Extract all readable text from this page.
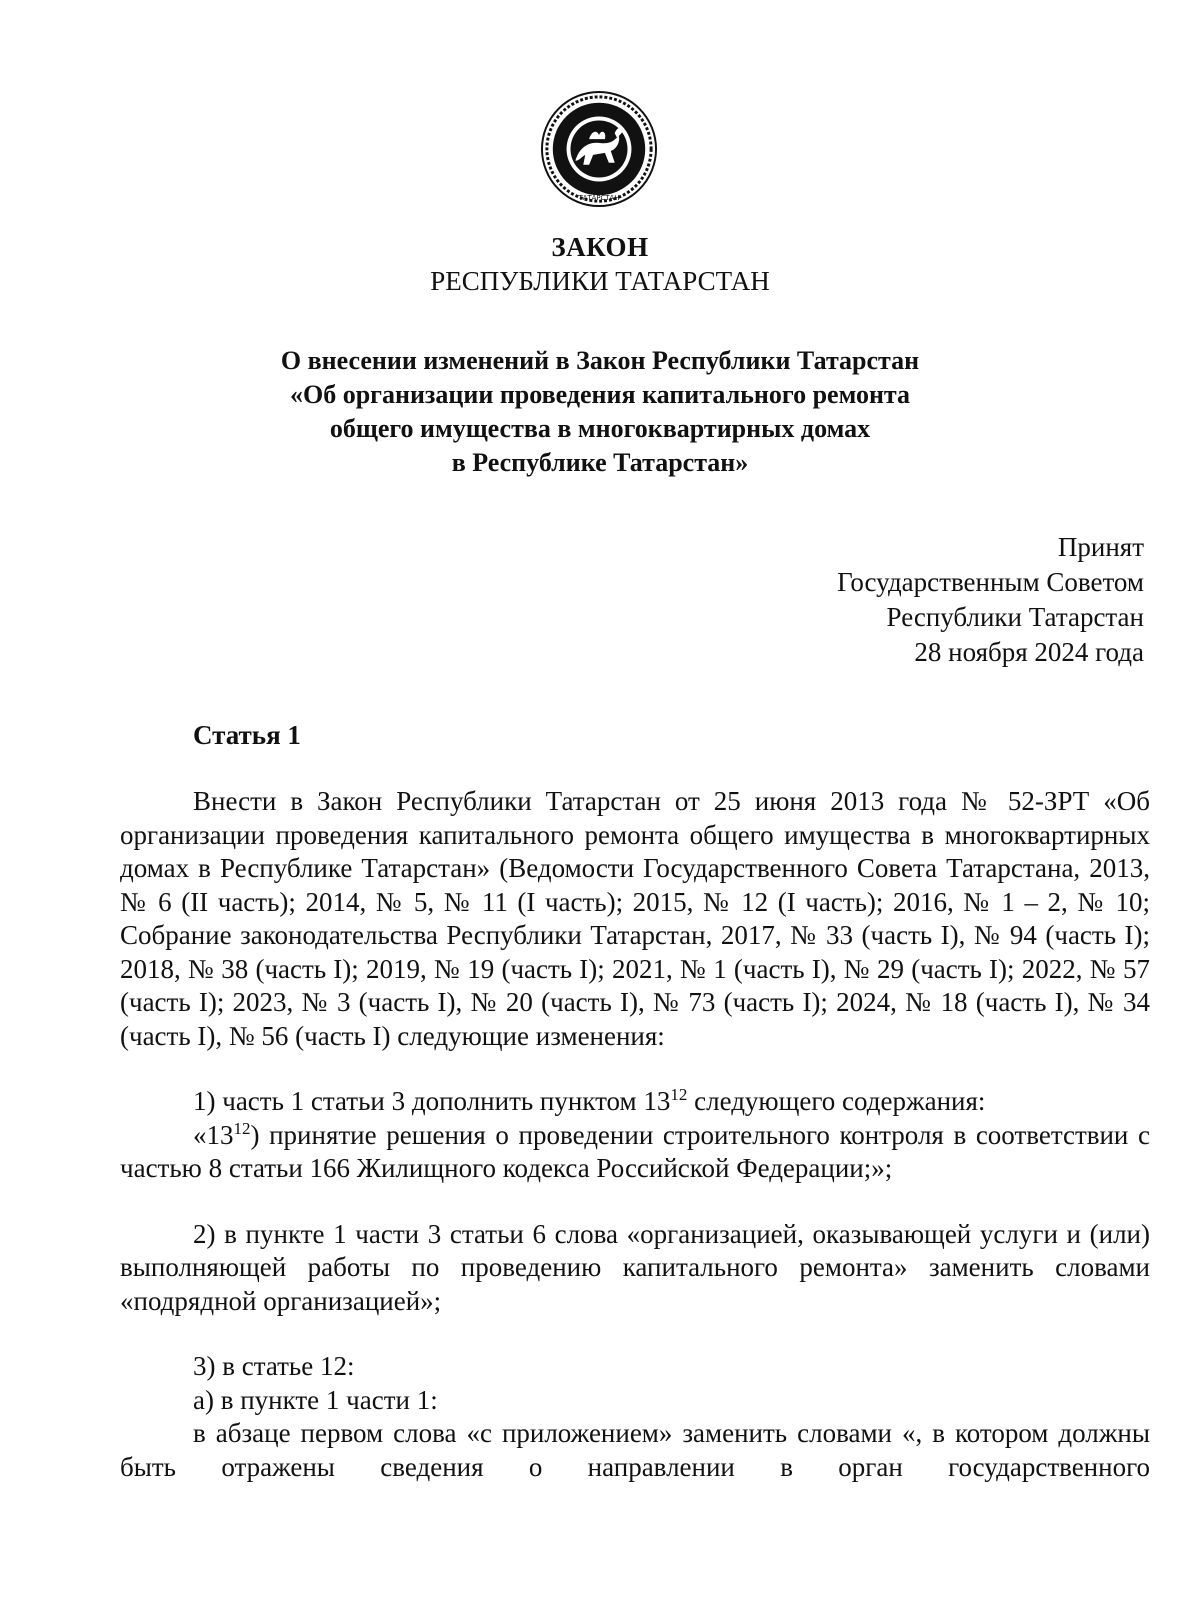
ТАТАРСТАН
ЗАКОН
РЕСПУБЛИКИ ТАТАРСТАН
О внесении изменений в Закон Республики Татарстан
«Об организации проведения капитального ремонта
общего имущества в многоквартирных домах
в Республике Татарстан»
Принят
Государственным Советом
Республики Татарстан
28 ноября 2024 года
Статья 1

Внести в Закон Республики Татарстан от 25 июня 2013 года № 52-ЗРТ «Об организации проведения капитального ремонта общего имущества в многоквартирных домах в Республике Татарстан» (Ведомости Государственного Совета Татарстана, 2013, № 6 (II часть); 2014, № 5, № 11 (I часть); 2015, № 12 (I часть); 2016, № 1 – 2, № 10; Собрание законодательства Республики Татарстан, 2017, № 33 (часть I), № 94 (часть I); 2018, № 38 (часть I); 2019, № 19 (часть I); 2021, № 1 (часть I), № 29 (часть I); 2022, № 57 (часть I); 2023, № 3 (часть I), № 20 (часть I), № 73 (часть I); 2024, № 18 (часть I), № 34 (часть I), № 56 (часть I) следующие изменения:

1) часть 1 статьи 3 дополнить пунктом $13^{12}$ следующего содержания:

«$13^{12}$) принятие решения о проведении строительного контроля в соответствии с частью 8 статьи 166 Жилищного кодекса Российской Федерации;»;

2) в пункте 1 части 3 статьи 6 слова «организацией, оказывающей услуги и (или) выполняющей работы по проведению капитального ремонта» заменить словами «подрядной организацией»;

3) в статье 12:

а) в пункте 1 части 1:

в абзаце первом слова «с приложением» заменить словами «, в котором должны быть отражены сведения о направлении в орган государственного
